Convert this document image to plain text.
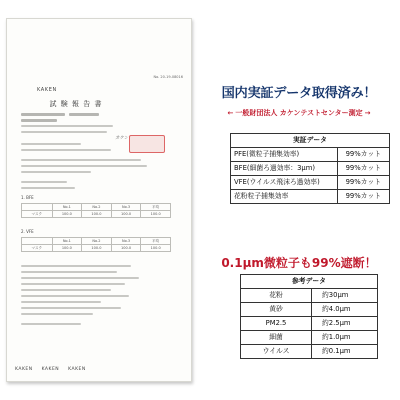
No. 20-19-08016
KAKEN
試 験 報 告 書
カケン
1. BFE
	No.1	No.2	No.3	平均
マスク	100.0	100.0	100.0	100.0
2. VFE
	No.1	No.2	No.3	平均
マスク	100.0	100.0	100.0	100.0
KAKEN KAKEN KAKEN
国内実証データ取得済み！
← 一般財団法人 カケンテストセンター測定 →
実証データ	
PFE(微粒子捕集効率)	99%カット
BFE(細菌ろ過効率：3μm)	99%カット
VFE(ウイルス飛沫ろ過効率)	99%カット
花粉粒子捕集効率	99%カット
0.1μm微粒子も99%遮断！
参考データ	
花粉	約30μm
黄砂	約4.0μm
PM2.5	約2.5μm
細菌	約1.0μm
ウイルス	約0.1μm
